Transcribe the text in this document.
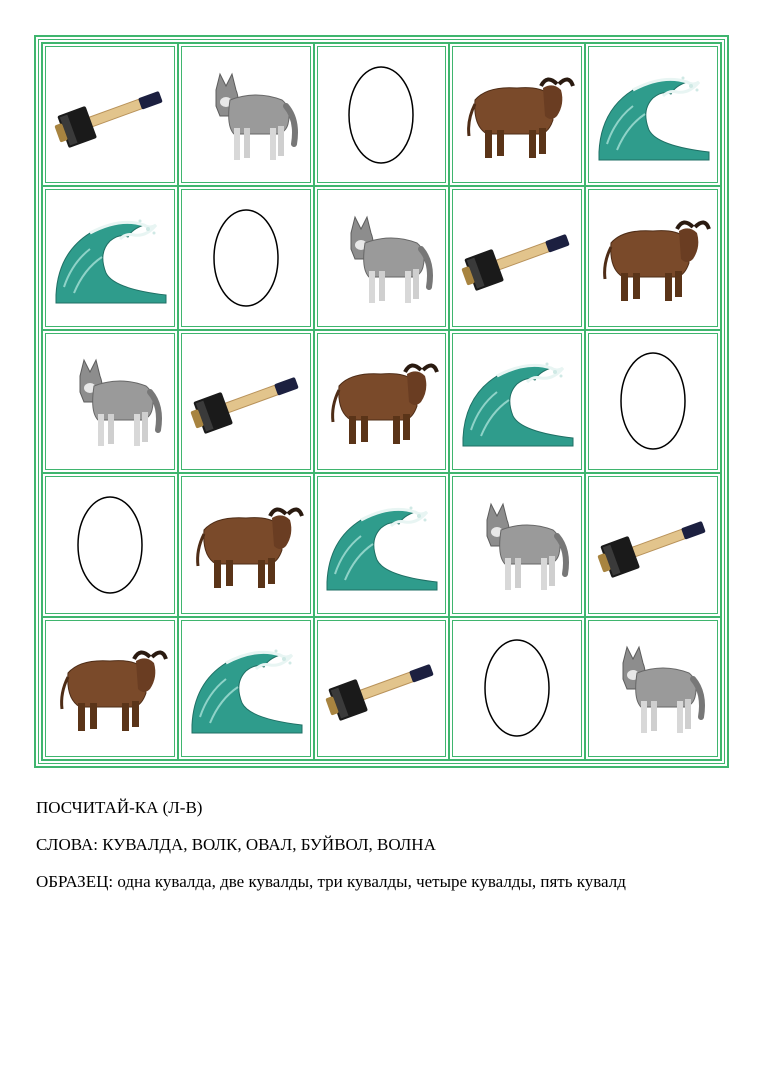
ПОСЧИТАЙ-КА (Л-В)
СЛОВА: КУВАЛДА, ВОЛК, ОВАЛ, БУЙВОЛ, ВОЛНА
ОБРАЗЕЦ: одна кувалда, две кувалды, три кувалды, четыре кувалды, пять кувалд
